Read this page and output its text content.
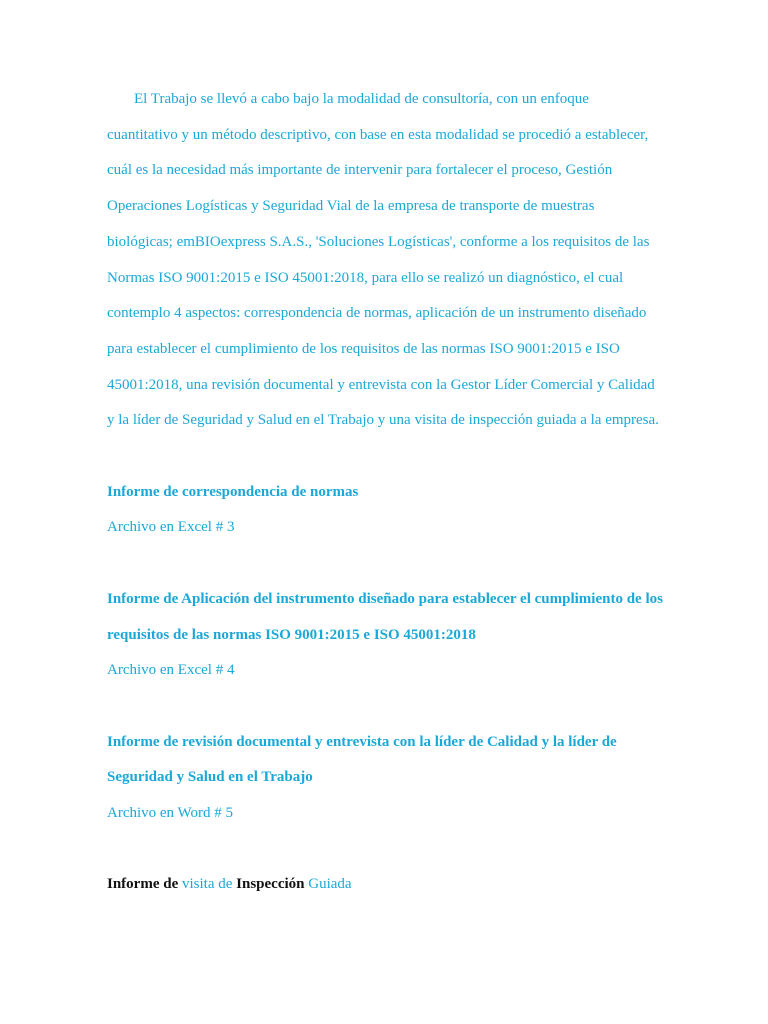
El Trabajo se llevó a cabo bajo la modalidad de consultoría, con un enfoque cuantitativo y un método descriptivo, con base en esta modalidad se procedió a establecer, cuál es la necesidad más importante de intervenir para fortalecer el proceso, Gestión Operaciones Logísticas y Seguridad Vial de la empresa de transporte de muestras biológicas; emBIOexpress S.A.S., 'Soluciones Logísticas', conforme a los requisitos de las Normas ISO 9001:2015 e ISO 45001:2018, para ello se realizó un diagnóstico, el cual contemplo 4 aspectos: correspondencia de normas, aplicación de un instrumento diseñado para establecer el cumplimiento de los requisitos de las normas ISO 9001:2015 e ISO 45001:2018, una revisión documental y entrevista con la Gestor Líder Comercial y Calidad y la líder de Seguridad y Salud en el Trabajo y una visita de inspección guiada a la empresa.

Informe de correspondencia de normas

Archivo en Excel # 3

Informe de Aplicación del instrumento diseñado para establecer el cumplimiento de los requisitos de las normas ISO 9001:2015 e ISO 45001:2018

Archivo en Excel # 4

Informe de revisión documental y entrevista con la líder de Calidad y la líder de Seguridad y Salud en el Trabajo

Archivo en Word # 5

Informe de visita de Inspección Guiada
